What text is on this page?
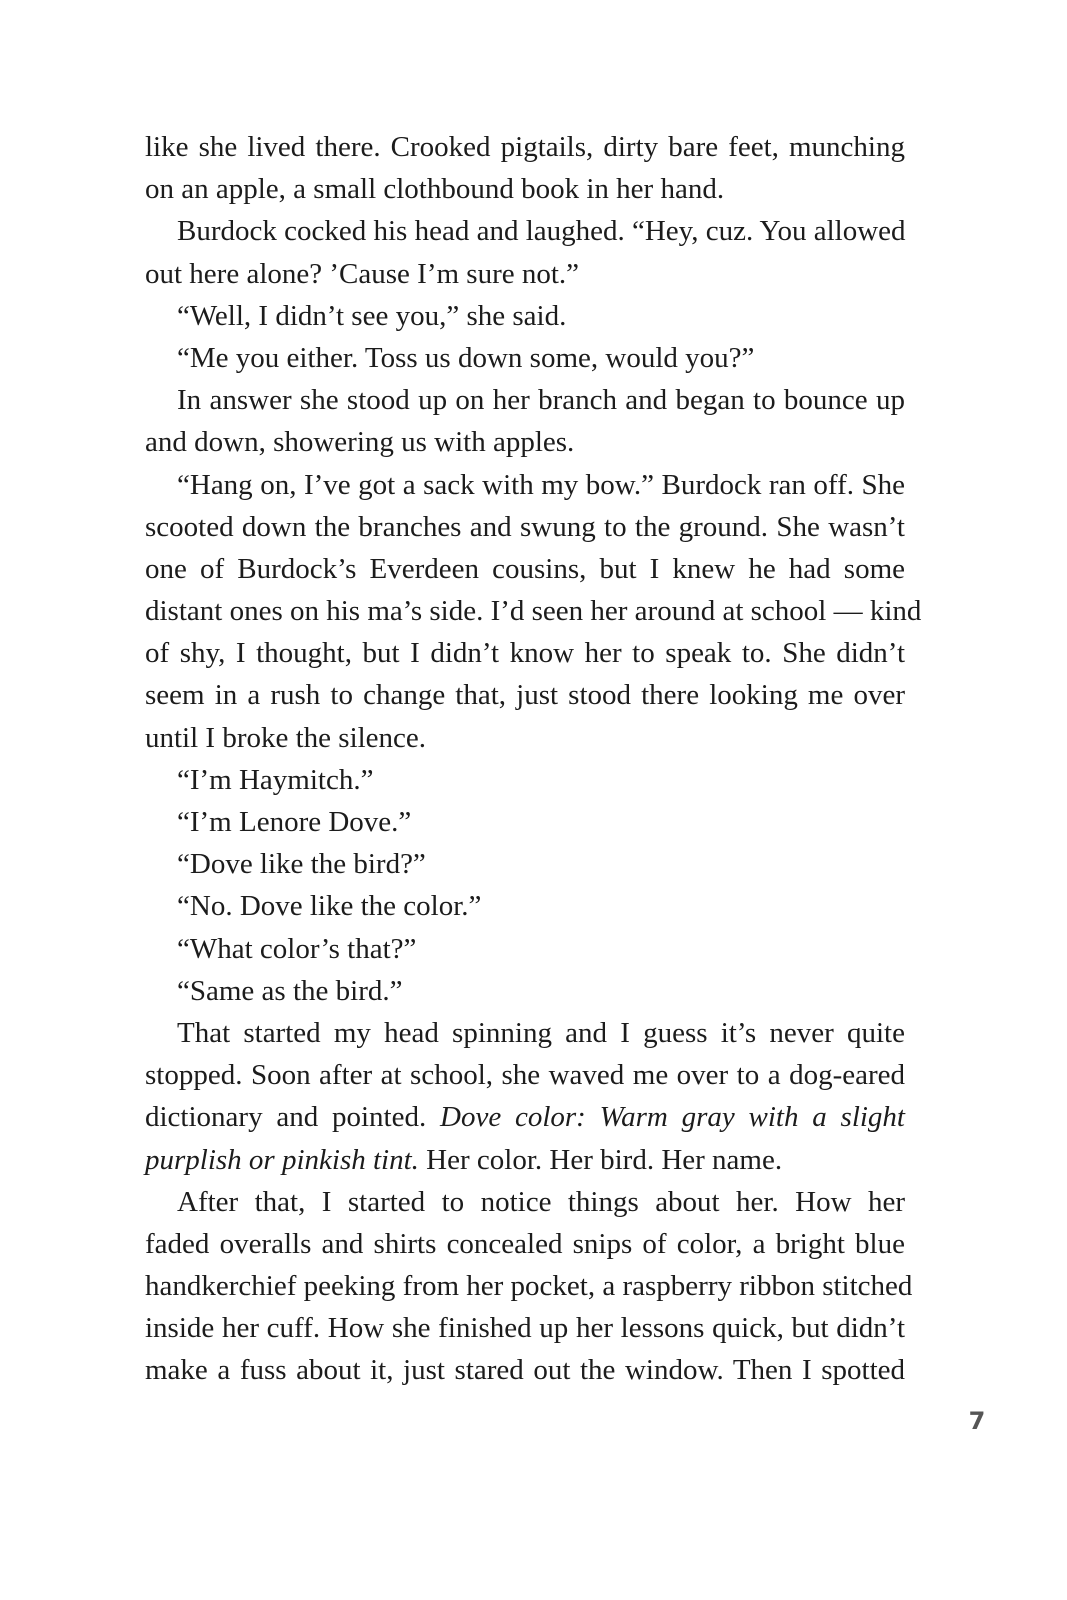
like she lived there. Crooked pigtails, dirty bare feet, munching
on an apple, a small clothbound book in her hand.
Burdock cocked his head and laughed. “Hey, cuz. You allowed
out here alone? ’Cause I’m sure not.”
“Well, I didn’t see you,” she said.
“Me you either. Toss us down some, would you?”
In answer she stood up on her branch and began to bounce up
and down, showering us with apples.
“Hang on, I’ve got a sack with my bow.” Burdock ran off. She
scooted down the branches and swung to the ground. She wasn’t
one of Burdock’s Everdeen cousins, but I knew he had some
distant ones on his ma’s side. I’d seen her around at school — kind
of shy, I thought, but I didn’t know her to speak to. She didn’t
seem in a rush to change that, just stood there looking me over
until I broke the silence.
“I’m Haymitch.”
“I’m Lenore Dove.”
“Dove like the bird?”
“No. Dove like the color.”
“What color’s that?”
“Same as the bird.”
That started my head spinning and I guess it’s never quite
stopped. Soon after at school, she waved me over to a dog-eared
dictionary and pointed. Dove color: Warm gray with a slight
purplish or pinkish tint. Her color. Her bird. Her name.
After that, I started to notice things about her. How her
faded overalls and shirts concealed snips of color, a bright blue
handkerchief peeking from her pocket, a raspberry ribbon stitched
inside her cuff. How she finished up her lessons quick, but didn’t
make a fuss about it, just stared out the window. Then I spotted
7
